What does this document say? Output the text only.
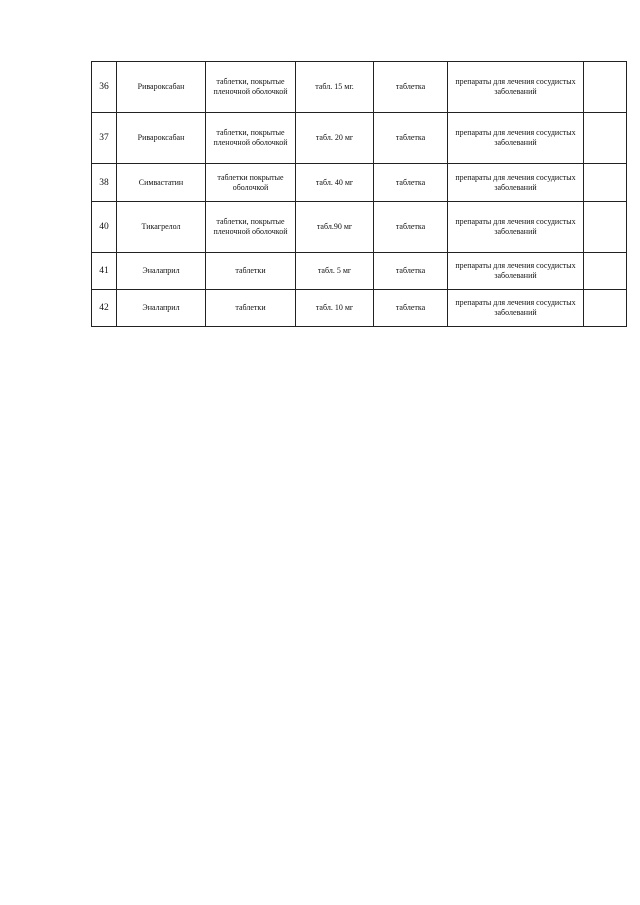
36	Ривароксабан	таблетки, покрытые пленочной оболочкой	табл. 15 мг.	таблетка	препараты для лечения сосудистых заболеваний	
37	Ривароксабан	таблетки, покрытые пленочной оболочкой	табл. 20 мг	таблетка	препараты для лечения сосудистых заболеваний	
38	Симвастатин	таблетки покрытые оболочкой	табл. 40 мг	таблетка	препараты для лечения сосудистых заболеваний	
40	Тикагрелол	таблетки, покрытые пленочной оболочкой	табл.90 мг	таблетка	препараты для лечения сосудистых заболеваний	
41	Эналаприл	таблетки	табл. 5 мг	таблетка	препараты для лечения сосудистых заболеваний	
42	Эналаприл	таблетки	табл. 10 мг	таблетка	препараты для лечения сосудистых заболеваний	
